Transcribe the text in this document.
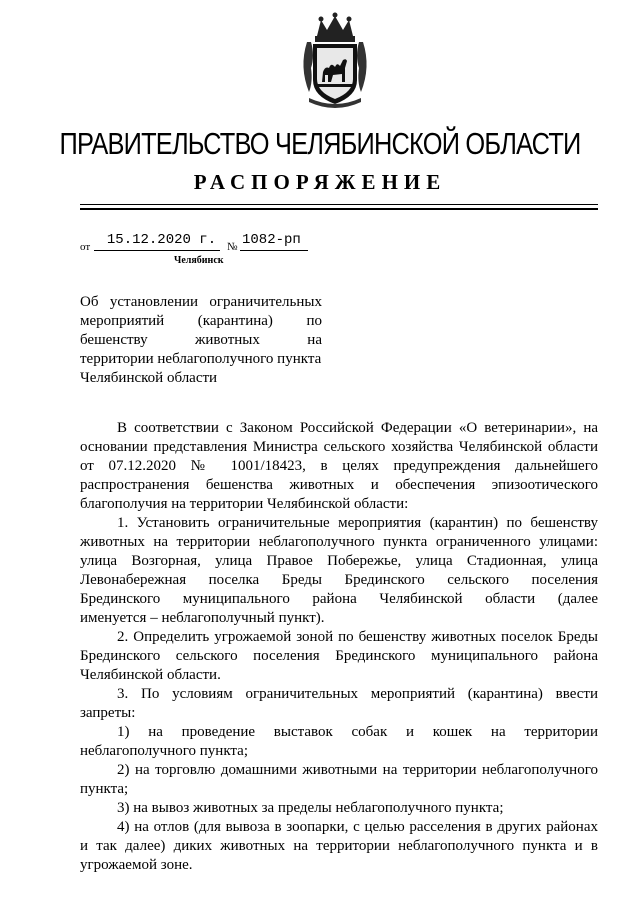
ПРАВИТЕЛЬСТВО ЧЕЛЯБИНСКОЙ ОБЛАСТИ
РАСПОРЯЖЕНИЕ
от 15.12.2020 г. № 1082-рп
Челябинск
Об установлении ограничительных
мероприятий (карантина) по
бешенству животных на
территории неблагополучного пункта
Челябинской области
В соответствии с Законом Российской Федерации «О ветеринарии», на
основании представления Министра сельского хозяйства Челябинской области
от 07.12.2020 № 1001/18423, в целях предупреждения дальнейшего
распространения бешенства животных и обеспечения эпизоотического
благополучия на территории Челябинской области:
1. Установить ограничительные мероприятия (карантин) по бешенству
животных на территории неблагополучного пункта ограниченного улицами:
улица Возгорная, улица Правое Побережье, улица Стадионная, улица
Левонабережная поселка Бреды Брединского сельского поселения
Брединского муниципального района Челябинской области (далее
именуется – неблагополучный пункт).
2. Определить угрожаемой зоной по бешенству животных поселок Бреды
Брединского сельского поселения Брединского муниципального района
Челябинской области.
3. По условиям ограничительных мероприятий (карантина) ввести
запреты:
1) на проведение выставок собак и кошек на территории
неблагополучного пункта;
2) на торговлю домашними животными на территории неблагополучного
пункта;
3) на вывоз животных за пределы неблагополучного пункта;
4) на отлов (для вывоза в зоопарки, с целью расселения в других районах
и так далее) диких животных на территории неблагополучного пункта и в
угрожаемой зоне.
